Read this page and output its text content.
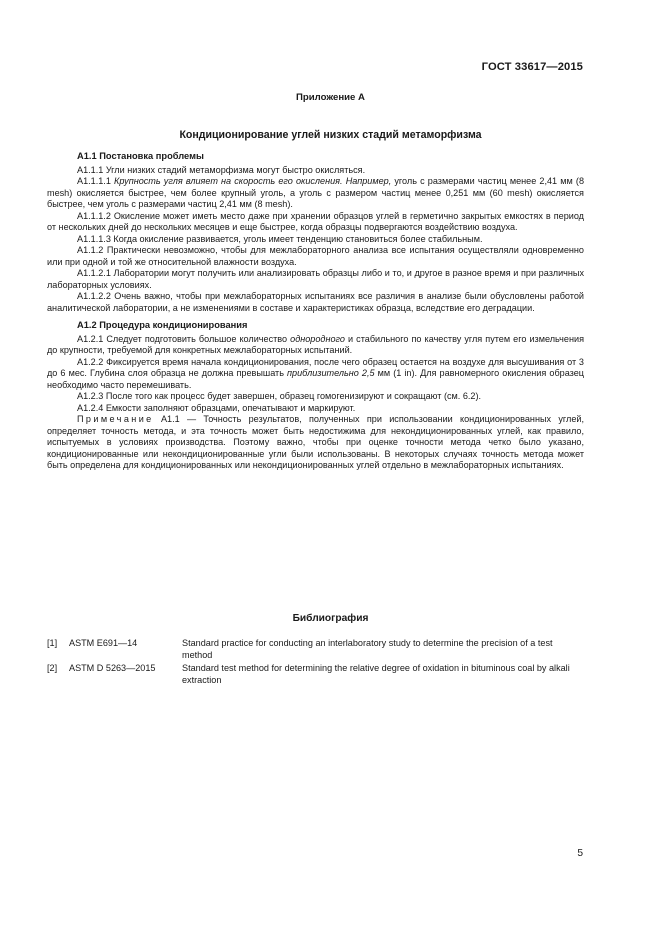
ГОСТ 33617—2015
Приложение А
Кондиционирование углей низких стадий метаморфизма
А1.1 Постановка проблемы

А1.1.1 Угли низких стадий метаморфизма могут быстро окисляться.

А1.1.1.1 Крупность угля влияет на скорость его окисления. Например, уголь с размерами частиц менее 2,41 мм (8 mesh) окисляется быстрее, чем более крупный уголь, а уголь с размером частиц менее 0,251 мм (60 mesh) окисляется быстрее, чем уголь с размерами частиц 2,41 мм (8 mesh).

А1.1.1.2 Окисление может иметь место даже при хранении образцов углей в герметично закрытых емкостях в период от нескольких дней до нескольких месяцев и еще быстрее, когда образцы подвергаются воздействию воздуха.

А1.1.1.3 Когда окисление развивается, уголь имеет тенденцию становиться более стабильным.

А1.1.2 Практически невозможно, чтобы для межлабораторного анализа все испытания осуществляли одновременно или при одной и той же относительной влажности воздуха.

А1.1.2.1 Лаборатории могут получить или анализировать образцы либо и то, и другое в разное время и при различных лабораторных условиях.

А1.1.2.2 Очень важно, чтобы при межлабораторных испытаниях все различия в анализе были обусловлены работой аналитической лаборатории, а не изменениями в составе и характеристиках образца, вследствие его деградации.

А1.2 Процедура кондиционирования

А1.2.1 Следует подготовить большое количество однородного и стабильного по качеству угля путем его измельчения до крупности, требуемой для конкретных межлабораторных испытаний.

А1.2.2 Фиксируется время начала кондиционирования, после чего образец остается на воздухе для высушивания от 3 до 6 мес. Глубина слоя образца не должна превышать приблизительно 2,5 мм (1 in). Для равномерного окисления образец необходимо часто перемешивать.

А1.2.3 После того как процесс будет завершен, образец гомогенизируют и сокращают (см. 6.2).

А1.2.4 Емкости заполняют образцами, опечатывают и маркируют.

Примечание А1.1 — Точность результатов, полученных при использовании кондиционированных углей, определяет точность метода, и эта точность может быть недостижима для некондиционированных углей, как правило, испытуемых в условиях производства. Поэтому важно, чтобы при оценке точности метода четко было указано, кондиционированные или некондиционированные угли были использованы. В некоторых случаях точность метода может быть определена для кондиционированных или некондиционированных углей отдельно в межлабораторных испытаниях.

Библиография
[1]	ASTM E691—14	Standard practice for conducting an interlaboratory study to determine the precision of a test method
[2]	ASTM D 5263—2015	Standard test method for determining the relative degree of oxidation in bituminous coal by alkali extraction
5
